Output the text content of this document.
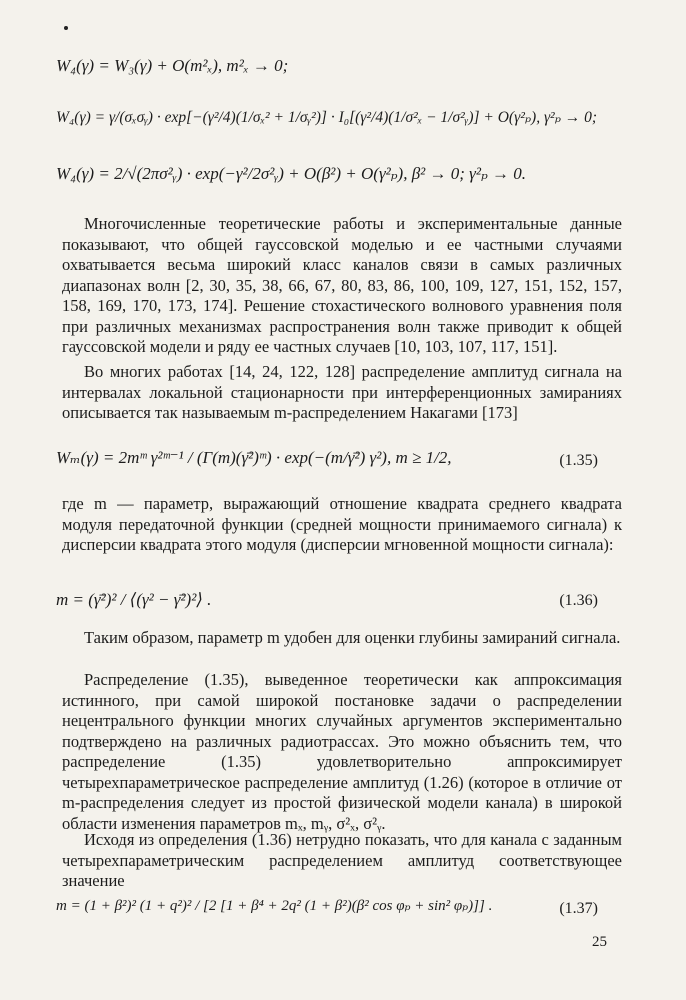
W₄(γ) = W₃(γ) + O(m²ₓ), m²ₓ → 0;
W₄(γ) = γ/(σₓσᵧ) · exp[−(γ²/4)(1/σₓ² + 1/σᵧ²)] · I₀[(γ²/4)(1/σ²ₓ − 1/σ²ᵧ)] + O(γ²ₚ), γ²ₚ → 0;
W₄(γ) = 2/√(2πσ²ᵧ) · exp(−γ²/2σ²ᵧ) + O(β²) + O(γ²ₚ), β² → 0; γ²ₚ → 0.

Многочисленные теоретические работы и экспериментальные данные показывают, что общей гауссовской моделью и ее частными случаями охватывается весьма широкий класс каналов связи в самых различных диапазонах волн [2, 30, 35, 38, 66, 67, 80, 83, 86, 100, 109, 127, 151, 152, 157, 158, 169, 170, 173, 174]. Решение стохастического волнового уравнения поля при различных механизмах распространения волн также приводит к общей гауссовской модели и ряду ее частных случаев [10, 103, 107, 117, 151].

Во многих работах [14, 24, 122, 128] распределение амплитуд сигнала на интервалах локальной стационарности при интерференционных замираниях описывается так называемым m-распределением Накагами [173]

Wₘ(γ) = 2mᵐ γ²ᵐ⁻¹ / (Γ(m)(γ̄²)ᵐ) · exp(−(m/γ̄²) γ²), m ≥ 1/2,	(1.35)

где m — параметр, выражающий отношение квадрата среднего квадрата модуля передаточной функции (средней мощности принимаемого сигнала) к дисперсии квадрата этого модуля (дисперсии мгновенной мощности сигнала):

m = (γ̄²)² / ⟨(γ² − γ̄²)²⟩ .	(1.36)

Таким образом, параметр m удобен для оценки глубины замираний сигнала.

Распределение (1.35), выведенное теоретически как аппроксимация истинного, при самой широкой постановке задачи о распределении нецентрального функции многих случайных аргументов экспериментально подтверждено на различных радиотрассах. Это можно объяснить тем, что распределение (1.35) удовлетворительно аппроксимирует четырехпараметрическое распределение амплитуд (1.26) (которое в отличие от m-распределения следует из простой физической модели канала) в широкой области изменения параметров mₓ, mᵧ, σ²ₓ, σ²ᵧ.

Исходя из определения (1.36) нетрудно показать, что для канала с заданным четырехпараметрическим распределением амплитуд соответствующее значение

m = (1 + β²)² (1 + q²)² / [2 [1 + β⁴ + 2q² (1 + β²)(β² cos φₚ + sin² φₚ)]] .	(1.37)
25
